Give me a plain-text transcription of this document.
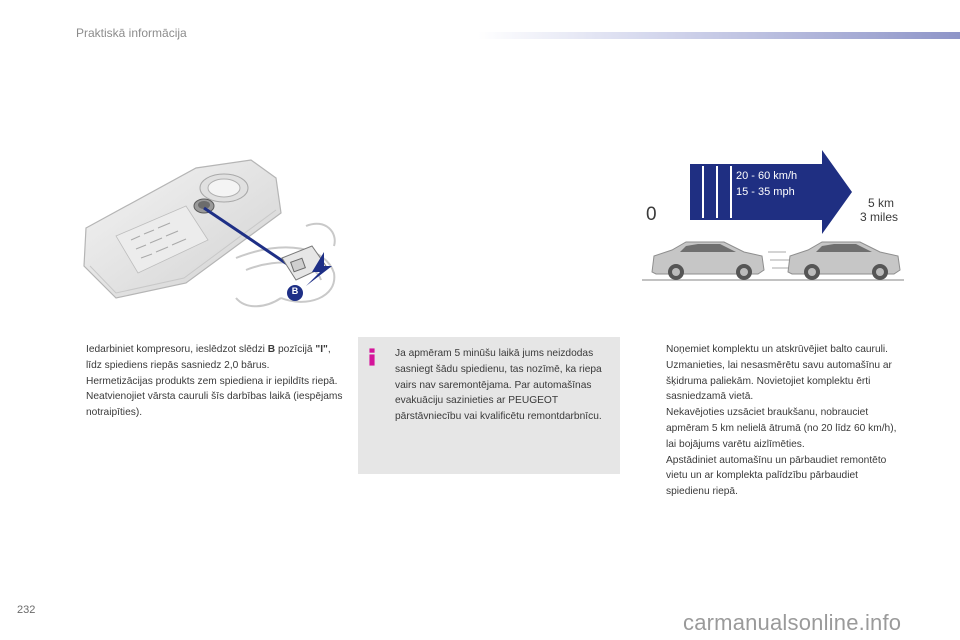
Praktiskā informācija
B
0
20 - 60 km/h
15 - 35 mph
5 km
3 miles

Iedarbiniet kompresoru, ieslēdzot slēdzi B pozīcijā "I", līdz spiediens riepās sasniedz 2,0 bārus.

Hermetizācijas produkts zem spiediena ir iepildīts riepā. Neatvienojiet vārsta cauruli šīs darbības laikā (iespējams notraipīties).

Ja apmēram 5 minūšu laikā jums neizdodas sasniegt šādu spiedienu, tas nozīmē, ka riepa vairs nav saremontējama. Par automašīnas evakuāciju sazinieties ar PEUGEOT pārstāvniecību vai kvalificētu remontdarbnīcu.

Noņemiet komplektu un atskrūvējiet balto cauruli.

Uzmanieties, lai nesasmērētu savu automašīnu ar šķidruma paliekām. Novietojiet komplektu ērti sasniedzamā vietā.

Nekavējoties uzsāciet braukšanu, nobrauciet apmēram 5 km nelielā ātrumā (no 20 līdz 60 km/h), lai bojājums varētu aizlīmēties.

Apstādiniet automašīnu un pārbaudiet remontēto vietu un ar komplekta palīdzību pārbaudiet spiedienu riepā.

232	carmanualsonline.info
